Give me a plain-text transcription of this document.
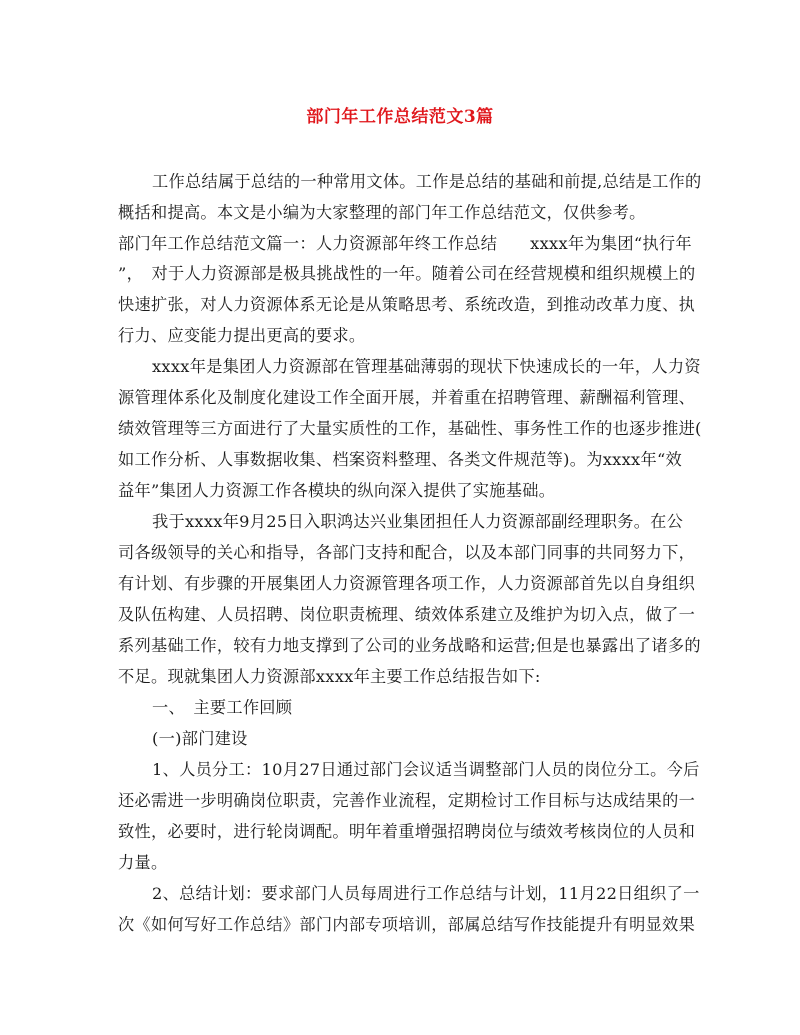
部门年工作总结范文3篇
工作总结属于总结的一种常用文体。工作是总结的基础和前提,总结是工作的
概括和提高。本文是小编为大家整理的部门年工作总结范文，仅供参考。
部门年工作总结范文篇一：人力资源部年终工作总结　　xxxx年为集团“执行年
”，　对于人力资源部是极具挑战性的一年。随着公司在经营规模和组织规模上的
快速扩张，对人力资源体系无论是从策略思考、系统改造，到推动改革力度、执
行力、应变能力提出更高的要求。
xxxx年是集团人力资源部在管理基础薄弱的现状下快速成长的一年，人力资
源管理体系化及制度化建设工作全面开展，并着重在招聘管理、薪酬福利管理、
绩效管理等三方面进行了大量实质性的工作，基础性、事务性工作的也逐步推进(
如工作分析、人事数据收集、档案资料整理、各类文件规范等)。为xxxx年“效
益年”集团人力资源工作各模块的纵向深入提供了实施基础。
我于xxxx年9月25日入职鸿达兴业集团担任人力资源部副经理职务。在公
司各级领导的关心和指导，各部门支持和配合，以及本部门同事的共同努力下，
有计划、有步骤的开展集团人力资源管理各项工作，人力资源部首先以自身组织
及队伍构建、人员招聘、岗位职责梳理、绩效体系建立及维护为切入点，做了一
系列基础工作，较有力地支撑到了公司的业务战略和运营;但是也暴露出了诸多的
不足。现就集团人力资源部xxxx年主要工作总结报告如下:
一、　主要工作回顾
(一)部门建设
1、人员分工：10月27日通过部门会议适当调整部门人员的岗位分工。今后
还必需进一步明确岗位职责，完善作业流程，定期检讨工作目标与达成结果的一
致性，必要时，进行轮岗调配。明年着重增强招聘岗位与绩效考核岗位的人员和
力量。
2、总结计划：要求部门人员每周进行工作总结与计划，11月22日组织了一
次《如何写好工作总结》部门内部专项培训，部属总结写作技能提升有明显效果
